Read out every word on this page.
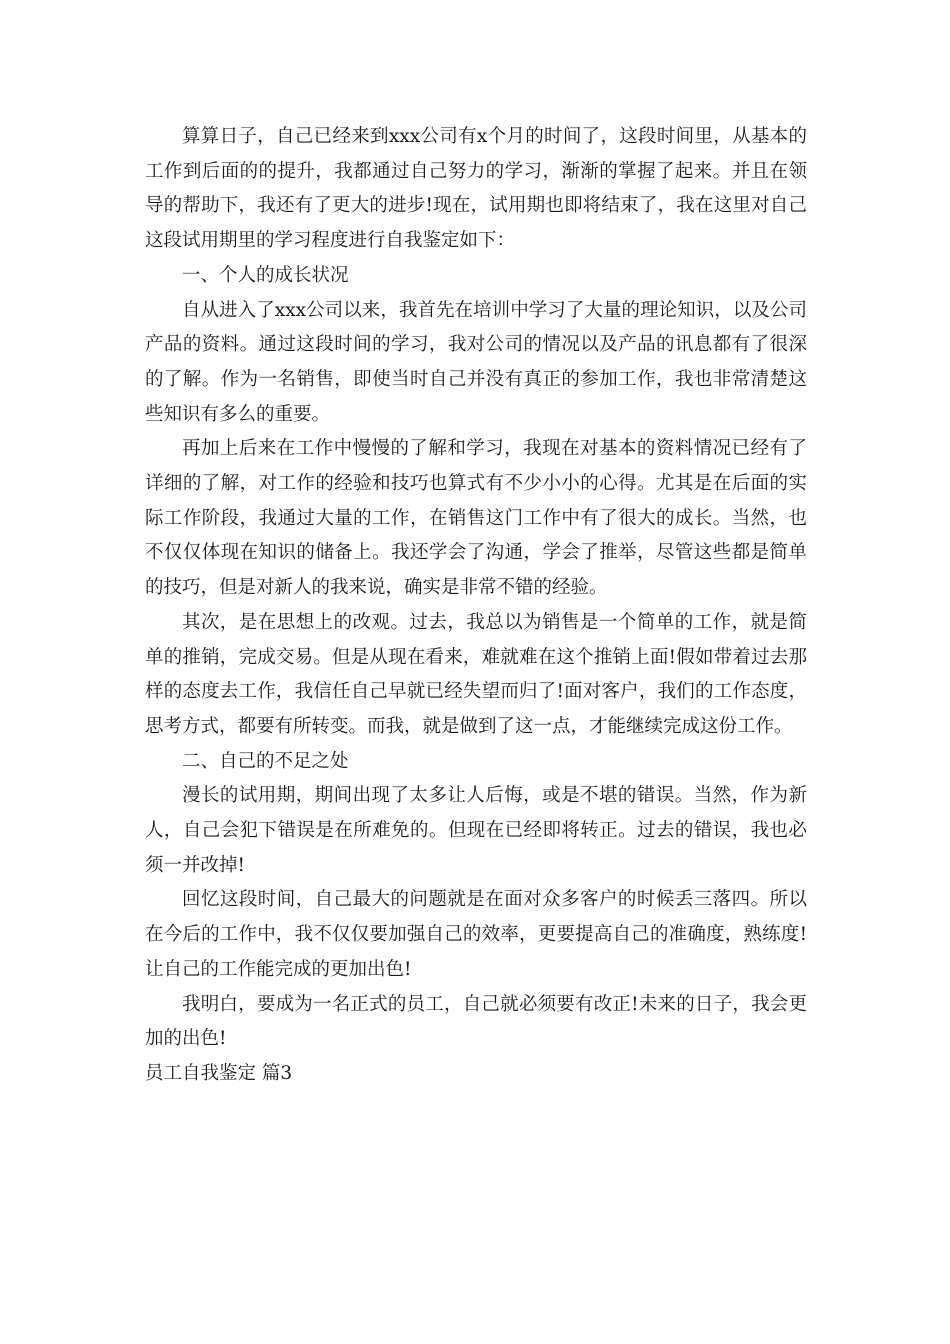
算算日子，自己已经来到xxx公司有x个月的时间了，这段时间里，从基本的工作到后面的的提升，我都通过自己努力的学习，渐渐的掌握了起来。并且在领导的帮助下，我还有了更大的进步!现在，试用期也即将结束了，我在这里对自己这段试用期里的学习程度进行自我鉴定如下：

一、个人的成长状况

自从进入了xxx公司以来，我首先在培训中学习了大量的理论知识，以及公司产品的资料。通过这段时间的学习，我对公司的情况以及产品的讯息都有了很深的了解。作为一名销售，即使当时自己并没有真正的参加工作，我也非常清楚这些知识有多么的重要。

再加上后来在工作中慢慢的了解和学习，我现在对基本的资料情况已经有了详细的了解，对工作的经验和技巧也算式有不少小小的心得。尤其是在后面的实际工作阶段，我通过大量的工作，在销售这门工作中有了很大的成长。当然，也不仅仅体现在知识的储备上。我还学会了沟通，学会了推举，尽管这些都是简单的技巧，但是对新人的我来说，确实是非常不错的经验。

其次，是在思想上的改观。过去，我总以为销售是一个简单的工作，就是简单的推销，完成交易。但是从现在看来，难就难在这个推销上面!假如带着过去那样的态度去工作，我信任自己早就已经失望而归了!面对客户，我们的工作态度，思考方式，都要有所转变。而我，就是做到了这一点，才能继续完成这份工作。

二、自己的不足之处

漫长的试用期，期间出现了太多让人后悔，或是不堪的错误。当然，作为新人，自己会犯下错误是在所难免的。但现在已经即将转正。过去的错误，我也必须一并改掉!

回忆这段时间，自己最大的问题就是在面对众多客户的时候丢三落四。所以在今后的工作中，我不仅仅要加强自己的效率，更要提高自己的准确度，熟练度!让自己的工作能完成的更加出色!

我明白，要成为一名正式的员工，自己就必须要有改正!未来的日子，我会更加的出色!

员工自我鉴定 篇3
